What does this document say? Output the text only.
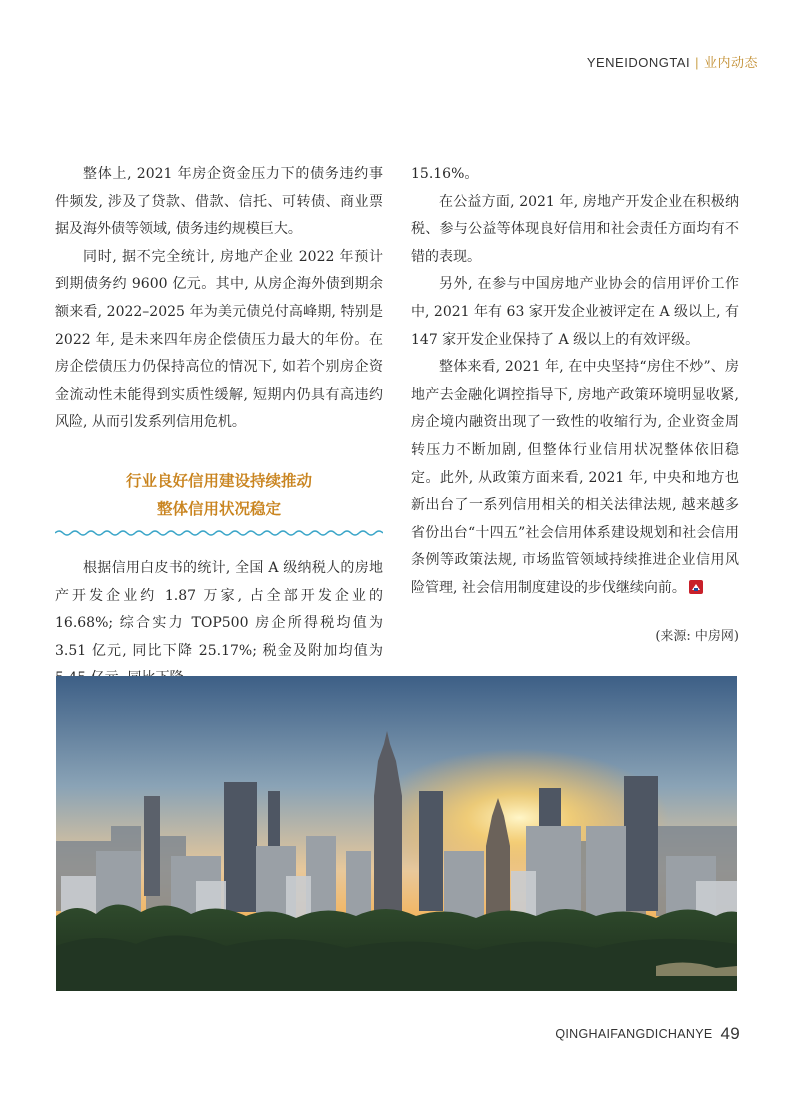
YENEIDONGTAI | 业内动态

整体上, 2021 年房企资金压力下的债务违约事件频发, 涉及了贷款、借款、信托、可转债、商业票据及海外债等领域, 债务违约规模巨大。

同时, 据不完全统计, 房地产企业 2022 年预计到期债务约 9600 亿元。其中, 从房企海外债到期余额来看, 2022–2025 年为美元债兑付高峰期, 特别是 2022 年, 是未来四年房企偿债压力最大的年份。在房企偿债压力仍保持高位的情况下, 如若个别房企资金流动性未能得到实质性缓解, 短期内仍具有高违约风险, 从而引发系列信用危机。

行业良好信用建设持续推动
整体信用状况稳定

根据信用白皮书的统计, 全国 A 级纳税人的房地产开发企业约 1.87 万家, 占全部开发企业的 16.68%; 综合实力 TOP500 房企所得税均值为 3.51 亿元, 同比下降 25.17%; 税金及附加均值为

15.16%。

在公益方面, 2021 年, 房地产开发企业在积极纳税、参与公益等体现良好信用和社会责任方面均有不错的表现。

另外, 在参与中国房地产业协会的信用评价工作中, 2021 年有 63 家开发企业被评定在 A 级以上, 有 147 家开发企业保持了 A 级以上的有效评级。

整体来看, 2021 年, 在中央坚持“房住不炒”、房地产去金融化调控指导下, 房地产政策环境明显收紧, 房企境内融资出现了一致性的收缩行为, 企业资金周转压力不断加剧, 但整体行业信用状况整体依旧稳定。此外, 从政策方面来看, 2021 年, 中央和地方也新出台了一系列信用相关的相关法律法规, 越来越多省份出台“十四五”社会信用体系建设规划和社会信用条例等政策法规, 市场监管领域持续推进企业信用风险管理, 社会信用制度建设的步伐继续向前。

(来源: 中房网)
QINGHAIFANGDICHANYE 49
